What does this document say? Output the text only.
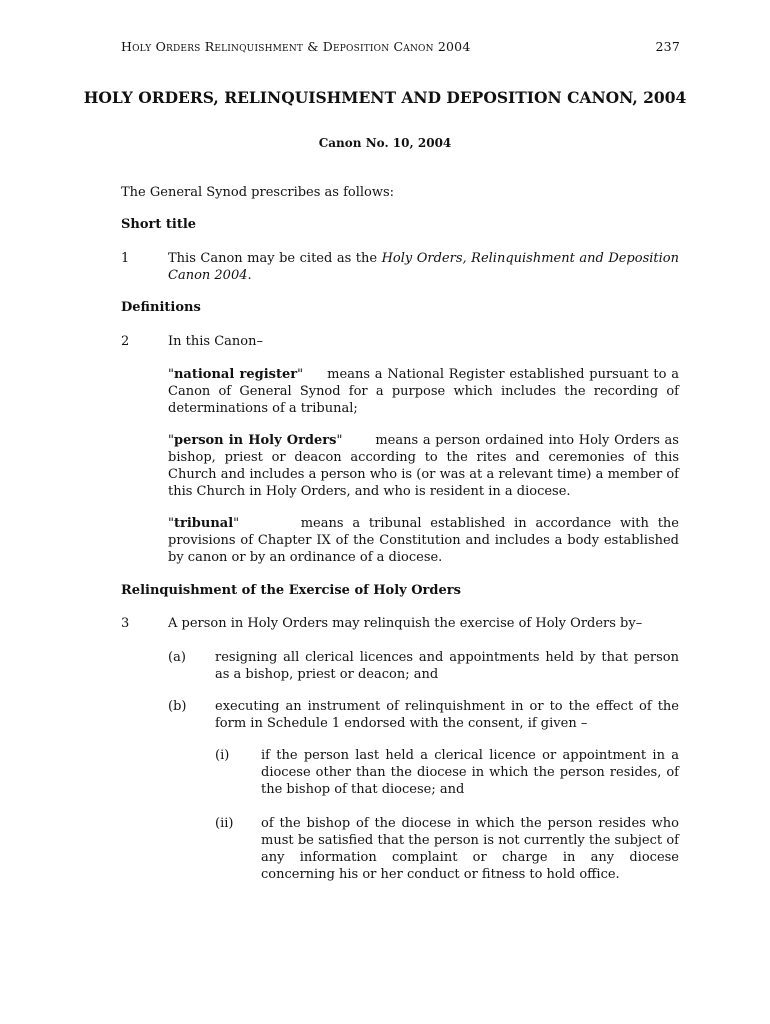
Holy Orders Relinquishment & Deposition Canon 2004	237
HOLY ORDERS, RELINQUISHMENT AND DEPOSITION CANON, 2004
Canon No. 10, 2004
The General Synod prescribes as follows:
Short title
1	This Canon may be cited as the Holy Orders, Relinquishment and Deposition Canon 2004.
Definitions
2	In this Canon–
"national register"     means a National Register established pursuant to a Canon of General Synod for a purpose which includes the recording of determinations of a tribunal;
"person in Holy Orders"       means a person ordained into Holy Orders as bishop, priest or deacon according to the rites and ceremonies of this Church and includes a person who is (or was at a relevant time) a member of this Church in Holy Orders, and who is resident in a diocese.
"tribunal"       means a tribunal established in accordance with the provisions of Chapter IX of the Constitution and includes a body established by canon or by an ordinance of a diocese.
Relinquishment of the Exercise of Holy Orders
3	A person in Holy Orders may relinquish the exercise of Holy Orders by–
(a) resigning all clerical licences and appointments held by that person as a bishop, priest or deacon; and
(b) executing an instrument of relinquishment in or to the effect of the form in Schedule 1 endorsed with the consent, if given –
(i) if the person last held a clerical licence or appointment in a diocese other than the diocese in which the person resides, of the bishop of that diocese; and
(ii) of the bishop of the diocese in which the person resides who must be satisfied that the person is not currently the subject of any information complaint or charge in any diocese concerning his or her conduct or fitness to hold office.
